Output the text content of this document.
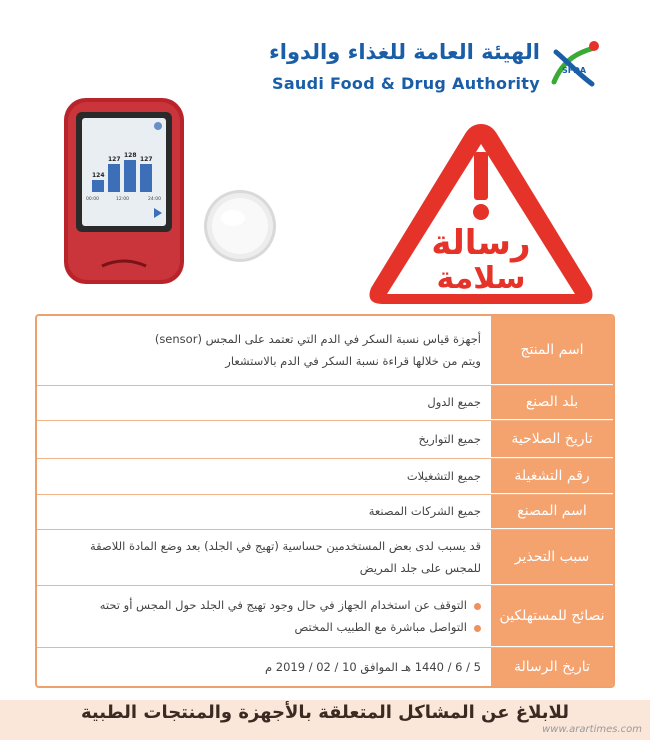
الهيئة العامة للغذاء والدواء
Saudi Food & Drug Authority
SFDA
124
127
128
127
00:00	12:00	24:00
رسالة
سلامة
اسم المنتج
أجهزة قياس نسبة السكر في الدم التي تعتمد على المجس (sensor)
ويتم من خلالها قراءة نسبة السكر في الدم بالاستشعار
بلد الصنع
جميع الدول
تاريخ الصلاحية
جميع التواريخ
رقم التشغيلة
جميع التشغيلات
اسم المصنع
جميع الشركات المصنعة
سبب التحذير
قد يسبب لدى بعض المستخدمين حساسية (تهيج في الجلد) بعد وضع المادة اللاصقة
للمجس على جلد المريض
نصائح للمستهلكين
التوقف عن استخدام الجهاز في حال وجود تهيج في الجلد حول المجس أو تحته
التواصل مباشرة مع الطبيب المختص
تاريخ الرسالة
5 / 6 / 1440 هـ الموافق 10 / 02 / 2019 م
للابلاغ عن المشاكل المتعلقة بالأجهزة والمنتجات الطبية
www.arartimes.com
